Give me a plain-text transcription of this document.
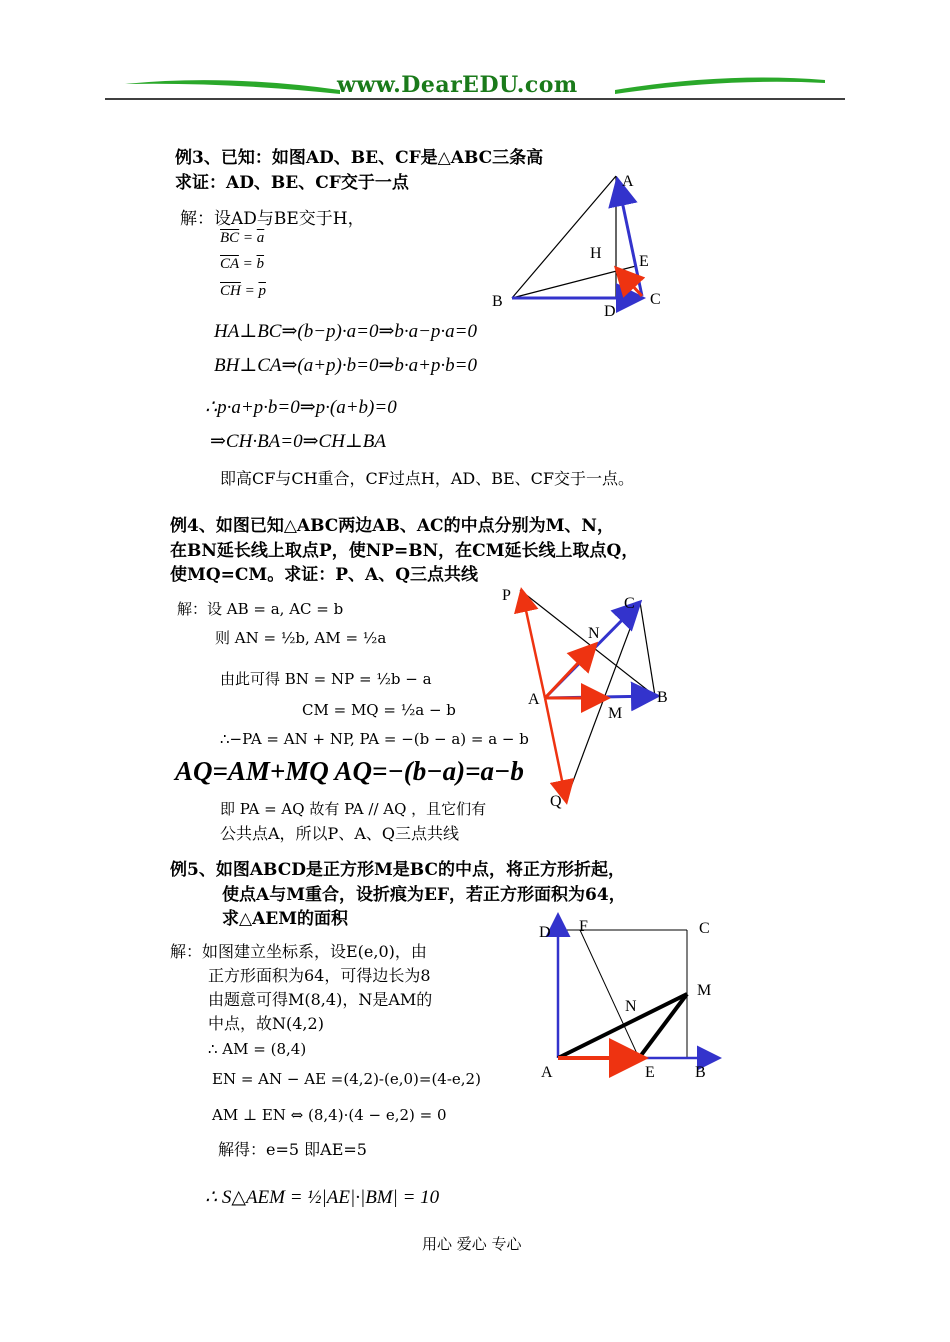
www.DearEDU.com
例3、已知：如图AD、BE、CF是△ABC三条高
求证：AD、BE、CF交于一点
解：设AD与BE交于H，
$\overline{BC} = \overline{a}$
$\overline{CA} = \overline{b}$
$\overline{CH} = \overline{p}$
HA⊥BC⇒(b−p)·a=0⇒b·a−p·a=0
BH⊥CA⇒(a+p)·b=0⇒b·a+p·b=0
∴p·a+p·b=0⇒p·(a+b)=0
⇒CH·BA=0⇒CH⊥BA
即高CF与CH重合，CF过点H，AD、BE、CF交于一点。
A
H E
B	C
D
例4、如图已知△ABC两边AB、AC的中点分别为M、N，
在BN延长线上取点P，使NP=BN，在CM延长线上取点Q，
使MQ=CM。求证：P、A、Q三点共线
解：设 AB = a, AC = b
则 AN = ½b, AM = ½a
由此可得 BN = NP = ½b − a
CM = MQ = ½a − b
∴−PA = AN + NP, PA = −(b − a) = a − b
AQ=AM+MQ AQ=−(b−a)=a−b
即 PA = AQ 故有 PA // AQ ，且它们有
公共点A，所以P、A、Q三点共线
P	C
N
A
M
B
Q
例5、如图ABCD是正方形M是BC的中点，将正方形折起，
使点A与M重合，设折痕为EF，若正方形面积为64，
求△AEM的面积
解：如图建立坐标系，设E(e,0)，由
正方形面积为64，可得边长为8
由题意可得M(8,4)，N是AM的
中点，故N(4,2)
∴ AM = (8,4)
EN = AN − AE =(4,2)-(e,0)=(4-e,2)
AM ⊥ EN ⇔ (8,4)·(4 − e,2) = 0
解得：e=5 即AE=5
∴ S△AEM = ½|AE|·|BM| = 10
D F	C
M
N
A	E	B
用心 爱心 专心
